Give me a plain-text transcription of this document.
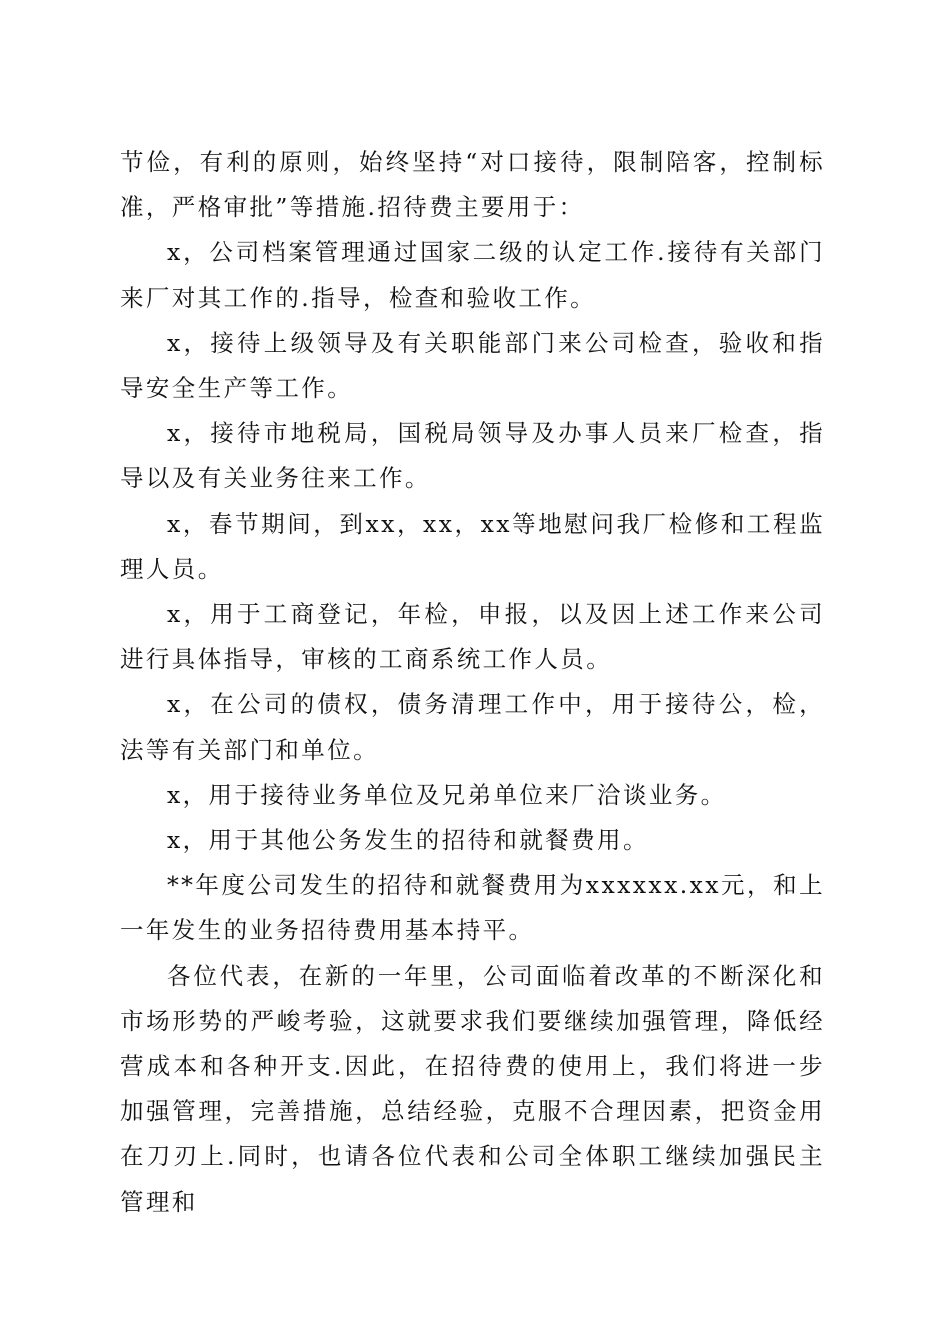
节俭，有利的原则，始终坚持“对口接待，限制陪客，控制标准，严格审批”等措施.招待费主要用于：

x，公司档案管理通过国家二级的认定工作.接待有关部门来厂对其工作的.指导，检查和验收工作。

x，接待上级领导及有关职能部门来公司检查，验收和指导安全生产等工作。

x，接待市地税局，国税局领导及办事人员来厂检查，指导以及有关业务往来工作。

x，春节期间，到xx，xx，xx等地慰问我厂检修和工程监理人员。

x，用于工商登记，年检，申报，以及因上述工作来公司进行具体指导，审核的工商系统工作人员。

x，在公司的债权，债务清理工作中，用于接待公，检，法等有关部门和单位。

x，用于接待业务单位及兄弟单位来厂洽谈业务。

x，用于其他公务发生的招待和就餐费用。

**年度公司发生的招待和就餐费用为xxxxxx.xx元，和上一年发生的业务招待费用基本持平。

各位代表，在新的一年里，公司面临着改革的不断深化和市场形势的严峻考验，这就要求我们要继续加强管理，降低经营成本和各种开支.因此，在招待费的使用上，我们将进一步加强管理，完善措施，总结经验，克服不合理因素，把资金用在刀刃上.同时，也请各位代表和公司全体职工继续加强民主管理和
